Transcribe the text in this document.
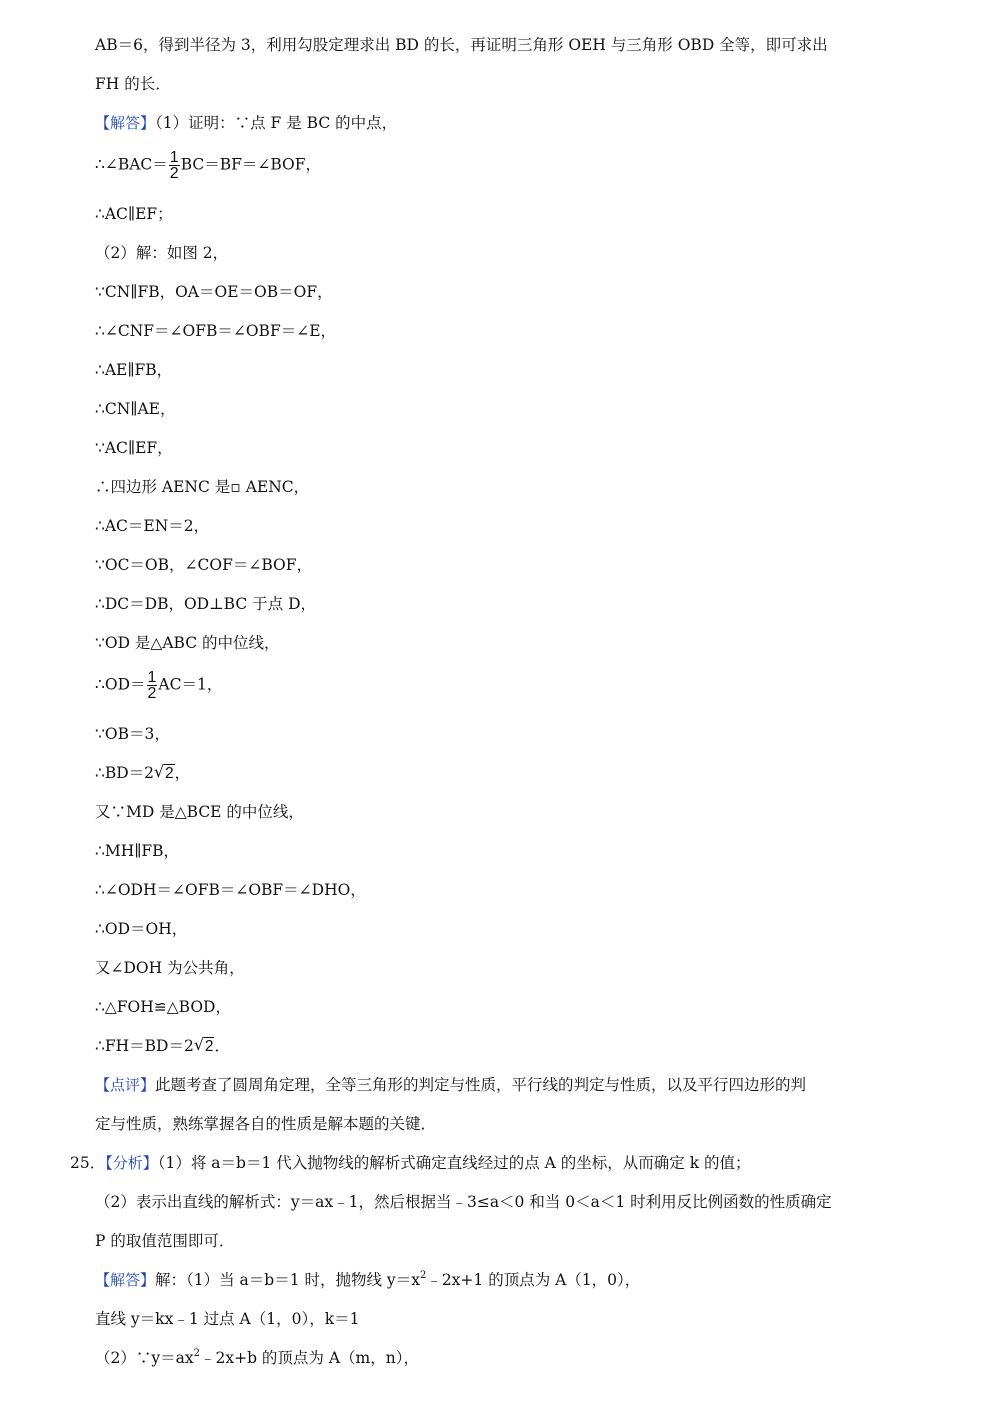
AB＝6，得到半径为 3，利用勾股定理求出 BD 的长，再证明三角形 OEH 与三角形 OBD 全等，即可求出
FH 的长．
【解答】（1）证明：∵点 F 是 BC 的中点，
∴∠BAC＝ $\frac{1}{2}$ BC＝BF＝∠BOF，
∴AC∥EF；
（2）解：如图 2，
∵CN∥FB，OA＝OE＝OB＝OF，
∴∠CNF＝∠OFB＝∠OBF＝∠E，
∴AE∥FB，
∴CN∥AE，
∵AC∥EF，
∴四边形 AENC 是▫ AENC，
∴AC＝EN＝2，
∵OC＝OB，∠COF＝∠BOF，
∴DC＝DB，OD⊥BC 于点 D，
∵OD 是△ABC 的中位线，
∴OD＝ $\frac{1}{2} AC=1$，
∵OB＝3，
∴BD＝2 √ 2，
又∵MD 是△BCE 的中位线，
∴MH∥FB，
∴∠ODH＝∠OFB＝∠OBF＝∠DHO，
∴OD＝OH，
又∠DOH 为公共角，
∴△FOH≌△BOD，
∴FH＝BD＝2 √ 2．
【点评】此题考查了圆周角定理，全等三角形的判定与性质，平行线的判定与性质，以及平行四边形的判
定与性质，熟练掌握各自的性质是解本题的关键．
25．【分析】（1）将 a＝b＝1 代入抛物线的解析式确定直线经过的点 A 的坐标，从而确定 k 的值；
（2）表示出直线的解析式：y＝ax﹣1，然后根据当﹣3≤a＜0 和当 0＜a＜1 时利用反比例函数的性质确定
P 的取值范围即可．
【解答】解：（1）当 a＝b＝1 时，抛物线 $y=x^2﹣2x+1$ 的顶点为 A（1，0），
直线 y＝kx﹣1 过点 A（1，0），k＝1
$(2)\because y=ax^2﹣2x+b$ 的顶点为 A（m，n），
